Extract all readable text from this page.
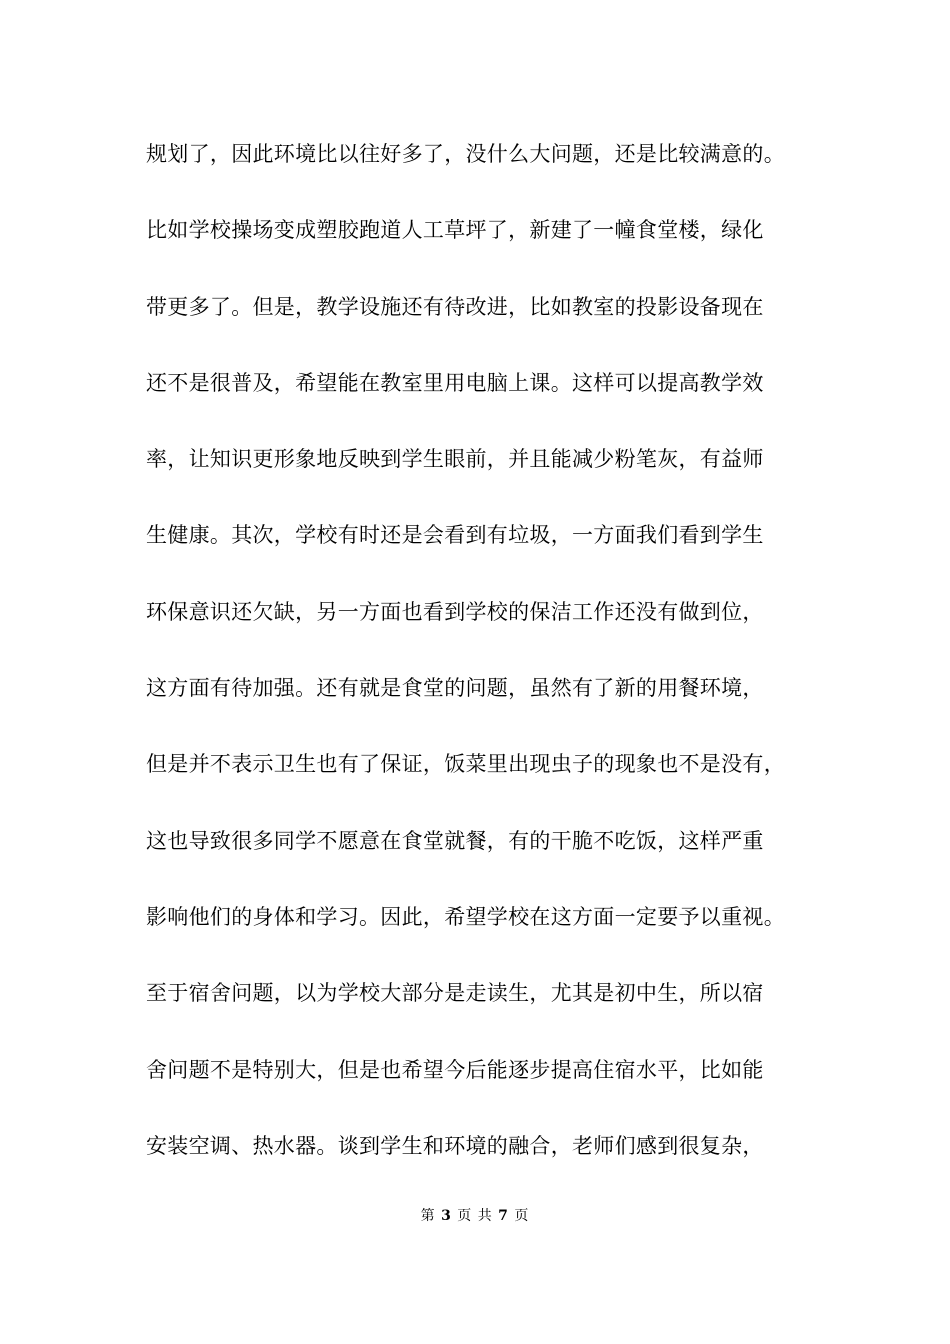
规划了，因此环境比以往好多了，没什么大问题，还是比较满意的。
比如学校操场变成塑胶跑道人工草坪了，新建了一幢食堂楼，绿化
带更多了。但是，教学设施还有待改进，比如教室的投影设备现在
还不是很普及，希望能在教室里用电脑上课。这样可以提高教学效
率，让知识更形象地反映到学生眼前，并且能减少粉笔灰，有益师
生健康。其次，学校有时还是会看到有垃圾，一方面我们看到学生
环保意识还欠缺，另一方面也看到学校的保洁工作还没有做到位，
这方面有待加强。还有就是食堂的问题，虽然有了新的用餐环境，
但是并不表示卫生也有了保证，饭菜里出现虫子的现象也不是没有，
这也导致很多同学不愿意在食堂就餐，有的干脆不吃饭，这样严重
影响他们的身体和学习。因此，希望学校在这方面一定要予以重视。
至于宿舍问题，以为学校大部分是走读生，尤其是初中生，所以宿
舍问题不是特别大，但是也希望今后能逐步提高住宿水平，比如能
安装空调、热水器。谈到学生和环境的融合，老师们感到很复杂，
第 3 页 共 7 页
